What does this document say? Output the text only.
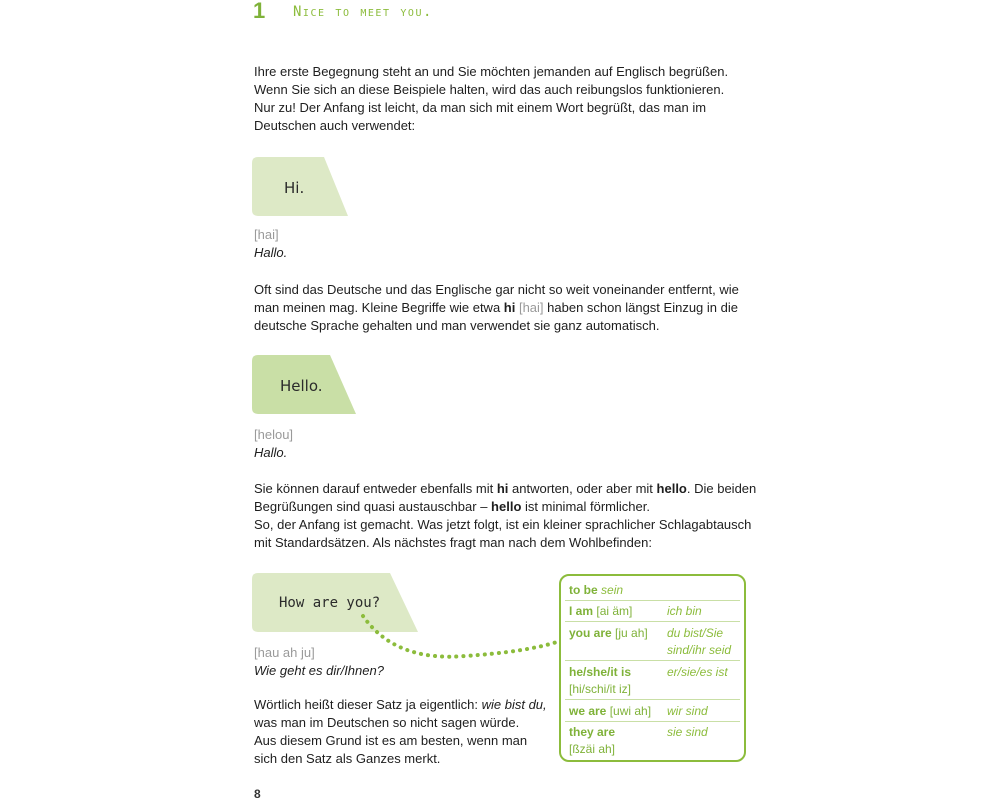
1 Nice to meet you.
Ihre erste Begegnung steht an und Sie möchten jemanden auf Englisch begrüßen.
Wenn Sie sich an diese Beispiele halten, wird das auch reibungslos funktionieren.
Nur zu! Der Anfang ist leicht, da man sich mit einem Wort begrüßt, das man im
Deutschen auch verwendet:
Hi.
[hai]
Hallo.
Oft sind das Deutsche und das Englische gar nicht so weit voneinander entfernt, wie
man meinen mag. Kleine Begriffe wie etwa hi [hai] haben schon längst Einzug in die
deutsche Sprache gehalten und man verwendet sie ganz automatisch.
Hello.
[helou]
Hallo.
Sie können darauf entweder ebenfalls mit hi antworten, oder aber mit hello. Die beiden
Begrüßungen sind quasi austauschbar – hello ist minimal förmlicher.
So, der Anfang ist gemacht. Was jetzt folgt, ist ein kleiner sprachlicher Schlagabtausch
mit Standardsätzen. Als nächstes fragt man nach dem Wohlbefinden:
How are you?
[hau ah ju]
Wie geht es dir/Ihnen?
Wörtlich heißt dieser Satz ja eigentlich: wie bist du,
was man im Deutschen so nicht sagen würde.
Aus diesem Grund ist es am besten, wenn man
sich den Satz als Ganzes merkt.
to be sein
I am [ai äm]	ich bin
you are [ju ah] du bist/Sie
sind/ihr seid
he/she/it is
[hi/schi/it iz]
er/sie/es ist
we are [uwi ah] wir sind
they are
[ßzäi ah]
sie sind
8
